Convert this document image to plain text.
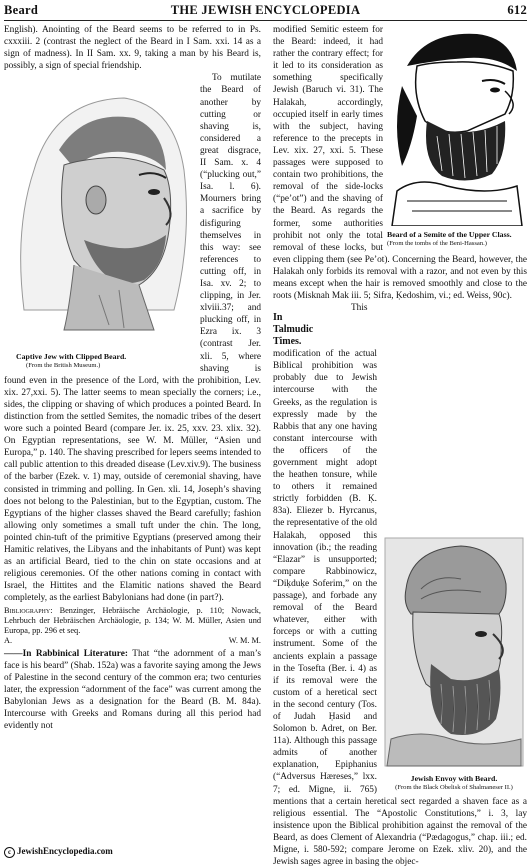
Beard	THE JEWISH ENCYCLOPEDIA	612

English). Anointing of the Beard seems to be referred to in Ps. cxxxiii. 2 (contrast the neglect of the Beard in I Sam. xxi. 14 as a sign of madness). In II Sam. xx. 9, taking a man by his Beard is, possibly, a sign of special friendship.

Captive Jew with Clipped Beard.
(From the British Museum.)

To mutilate the Beard of another by cutting or shaving is, considered a great disgrace, II Sam. x. 4 (“plucking out,” Isa. l. 6). Mourners bring a sacrifice by disfiguring themselves in this way: see references to cutting off, in Isa. xv. 2; to clipping, in Jer. xlviii.37; and plucking off, in Ezra ix. 3 (contrast Jer. xli. 5, where shaving is found even in the presence of the Lord, with the prohibition, Lev. xix. 27,xxi. 5). The latter seems to mean specially the corners; i.e., sides, the clipping or shaving of which produces a pointed Beard. In distinction from the settled Semites, the nomadic tribes of the desert wore such a pointed Beard (compare Jer. ix. 25, xxv. 23. xlix. 32). On Egyptian representations, see W. M. Müller, “Asien und Europa,” p. 140. The shaving prescribed for lepers seems intended to call public attention to this dreaded disease (Lev.xiv.9). The business of the barber (Ezek. v. 1) may, outside of ceremonial shaving, have consisted in trimming and polling. In Gen. xli. 14, Joseph’s shaving does not belong to the Palestinian, but to the Egyptian, custom. The Egyptians of the higher classes shaved the Beard carefully; fashion allowing only sometimes a small tuft under the chin. The long, pointed chin-tuft of the primitive Egyptians (preserved among their Hamitic relatives, the Libyans and the inhabitants of Punt) was kept as an artificial Beard, tied to the chin on state occasions and at religious ceremonies. Of the other nations coming in contact with Israel, the Hittites and the Elamitic nations shaved the Beard completely, as the earliest Babylonians had done (in part?).

Bibliography: Benzinger, Hebräische Archäologie, p. 110; Nowack, Lehrbuch der Hebräischen Archäologie, p. 134; W. M. Müller, Asien und Europa, pp. 296 et seq.

A.	W. M. M.

——In Rabbinical Literature: That “the adornment of a man’s face is his beard” (Shab. 152a) was a favorite saying among the Jews of Palestine in the second century of the common era; two centuries later, the expression “adornment of the face” was current among the Babylonian Jews as a designation for the Beard (B. M. 84a). Intercourse with Greeks and Romans during all this period had evidently not

Beard of a Semite of the Upper Class.
(From the tombs of the Beni-Hassan.)

modified Semitic esteem for the Beard: indeed, it had rather the contrary effect; for it led to its consideration as something specifically Jewish (Baruch vi. 31). The Halakah, accordingly, occupied itself in early times with the subject, having reference to the precepts in Lev. xix. 27, xxi. 5. These passages were supposed to contain two prohibitions, the removal of the side-locks (“pe’ot”) and the shaving of the Beard. As regards the former, some authorities prohibit not only the total removal of these locks, but even clipping them (see Pe’ot). Concerning the Beard, however, the Halakah only forbids its removal with a razor, and not even by this means except when the hair is removed smoothly and close to the roots (Misknah Mak iii. 5; Sifra, Ḳedoshim, vi.; ed. Weiss, 90c).

In
Talmudic
Times.
Jewish Envoy with Beard.
(From the Black Obelisk of Shalmaneser II.)

This modification of the actual Biblical prohibition was probably due to Jewish intercourse with the Greeks, as the regulation is expressly made by the Rabbis that any one having constant intercourse with the officers of the government might adopt the heathen tonsure, while to others it remained strictly forbidden (B. Ḳ. 83a). Eliezer b. Hyrcanus, the representative of the old Halakah, opposed this innovation (ib.; the reading “Elazar” is unsupported; compare Rabbinowicz, “Diḳduḳe Soferim,” on the passage), and forbade any removal of the Beard whatever, either with forceps or with a cutting instrument. Some of the ancients explain a passage in the Tosefta (Ber. i. 4) as if its removal were the custom of a heretical sect in the second century (Tos. of Judah Ḥasid and Solomon b. Adret, on Ber. 11a). Although this passage admits of another explanation, Epiphanius (“Adversus Hæreses,” lxx. 7; ed. Migne, ii. 765) mentions that a certain heretical sect regarded a shaven face as a religious essential. The “Apostolic Constitutions,” i. 3, lay insistence upon the Biblical prohibition against the removal of the Beard, as does Clement of Alexandria (“Pædagogus,” chap. iii.; ed. Migne, i. 580-592; compare Jerome on Ezek. xliv. 20), and the Jewish sages agree in basing the objec-

c JewishEncyclopedia.com
